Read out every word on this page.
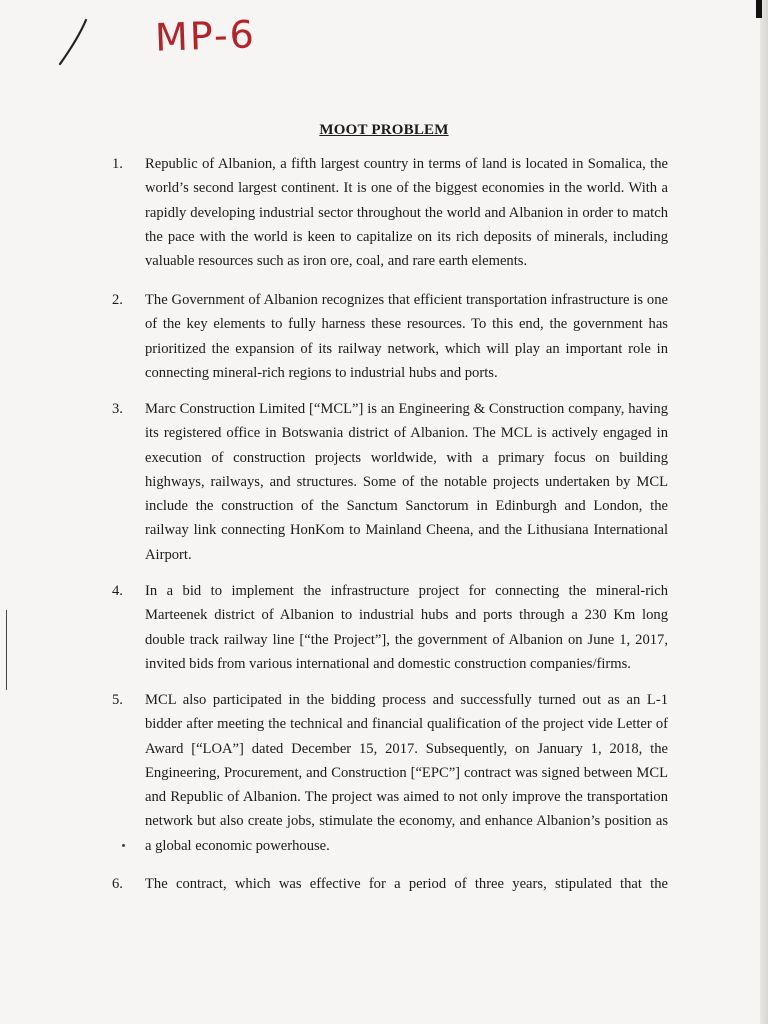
MP-6
MOOT PROBLEM
1.	Republic of Albanion, a fifth largest country in terms of land is located in Somalica, the world’s second largest continent. It is one of the biggest economies in the world. With a rapidly developing industrial sector throughout the world and Albanion in order to match the pace with the world is keen to capitalize on its rich deposits of minerals, including valuable resources such as iron ore, coal, and rare earth elements.
2.	The Government of Albanion recognizes that efficient transportation infrastructure is one of the key elements to fully harness these resources. To this end, the government has prioritized the expansion of its railway network, which will play an important role in connecting mineral-rich regions to industrial hubs and ports.
3.	Marc Construction Limited [“MCL”] is an Engineering & Construction company, having its registered office in Botswania district of Albanion. The MCL is actively engaged in execution of construction projects worldwide, with a primary focus on building highways, railways, and structures. Some of the notable projects undertaken by MCL include the construction of the Sanctum Sanctorum in Edinburgh and London, the railway link connecting HonKom to Mainland Cheena, and the Lithusiana International Airport.
4.	In a bid to implement the infrastructure project for connecting the mineral-rich Marteenek district of Albanion to industrial hubs and ports through a 230 Km long double track railway line [“the Project”], the government of Albanion on June 1, 2017, invited bids from various international and domestic construction companies/firms.
5.	MCL also participated in the bidding process and successfully turned out as an L-1 bidder after meeting the technical and financial qualification of the project vide Letter of Award [“LOA”] dated December 15, 2017. Subsequently, on January 1, 2018, the Engineering, Procurement, and Construction [“EPC”] contract was signed between MCL and Republic of Albanion. The project was aimed to not only improve the transportation network but also create jobs, stimulate the economy, and enhance Albanion’s position as a global economic powerhouse.
6.	The contract, which was effective for a period of three years, stipulated that the
